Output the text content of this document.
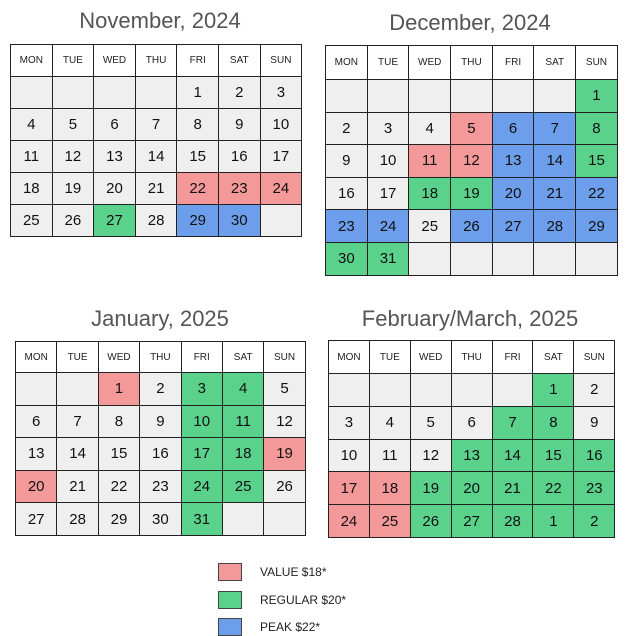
November, 2024	December, 2024
January, 2025	February/March, 2025
MON	TUE	WED	THU	FRI	SAT	SUN
				1	2	3
4	5	6	7	8	9	10
11	12	13	14	15	16	17
18	19	20	21	22	23	24
25	26	27	28	29	30	
MON	TUE	WED	THU	FRI	SAT	SUN
						1
2	3	4	5	6	7	8
9	10	11	12	13	14	15
16	17	18	19	20	21	22
23	24	25	26	27	28	29
30	31					
MON	TUE	WED	THU	FRI	SAT	SUN
		1	2	3	4	5
6	7	8	9	10	11	12
13	14	15	16	17	18	19
20	21	22	23	24	25	26
27	28	29	30	31		
MON	TUE	WED	THU	FRI	SAT	SUN
					1	2
3	4	5	6	7	8	9
10	11	12	13	14	15	16
17	18	19	20	21	22	23
24	25	26	27	28	1	2
VALUE $18*
REGULAR $20*
PEAK $22*
